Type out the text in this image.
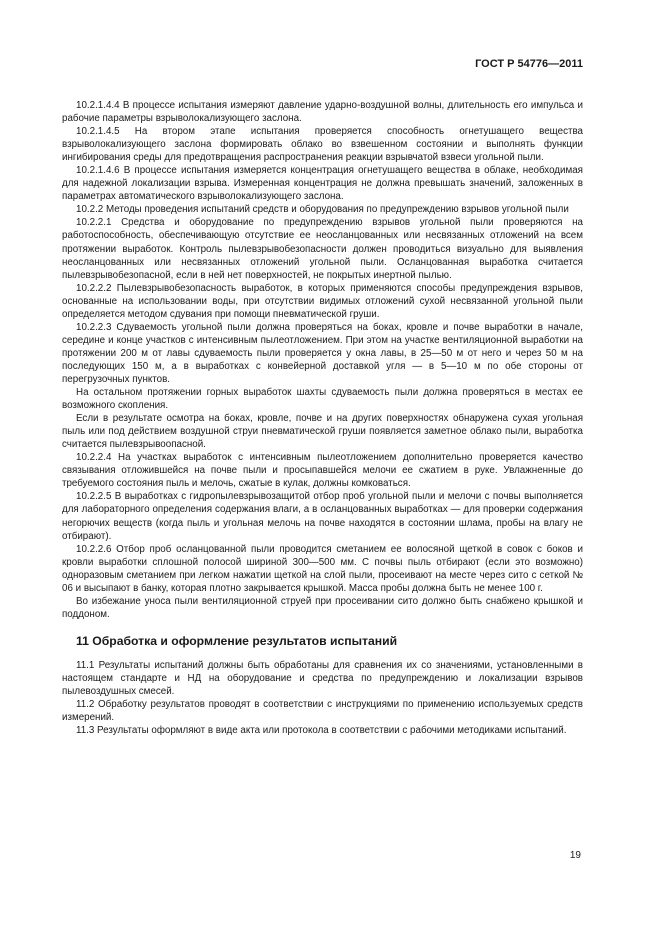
ГОСТ Р 54776—2011

10.2.1.4.4 В процессе испытания измеряют давление ударно-воздушной волны, длительность его импульса и рабочие параметры взрыволокализующего заслона.

10.2.1.4.5 На втором этапе испытания проверяется способность огнетушащего вещества взрыволокализующего заслона формировать облако во взвешенном состоянии и выполнять функции ингибирования среды для предотвращения распространения реакции взрывчатой взвеси угольной пыли.

10.2.1.4.6 В процессе испытания измеряется концентрация огнетушащего вещества в облаке, необходимая для надежной локализации взрыва. Измеренная концентрация не должна превышать значений, заложенных в параметрах автоматического взрыволокализующего заслона.

10.2.2 Методы проведения испытаний средств и оборудования по предупреждению взрывов угольной пыли

10.2.2.1 Средства и оборудование по предупреждению взрывов угольной пыли проверяются на работоспособность, обеспечивающую отсутствие ее неосланцованных или несвязанных отложений на всем протяжении выработок. Контроль пылевзрывобезопасности должен проводиться визуально для выявления неосланцованных или несвязанных отложений угольной пыли. Осланцованная выработка считается пылевзрывобезопасной, если в ней нет поверхностей, не покрытых инертной пылью.

10.2.2.2 Пылевзрывобезопасность выработок, в которых применяются способы предупреждения взрывов, основанные на использовании воды, при отсутствии видимых отложений сухой несвязанной угольной пыли определяется методом сдувания при помощи пневматической груши.

10.2.2.3 Сдуваемость угольной пыли должна проверяться на боках, кровле и почве выработки в начале, середине и конце участков с интенсивным пылеотложением. При этом на участке вентиляционной выработки на протяжении 200 м от лавы сдуваемость пыли проверяется у окна лавы, в 25—50 м от него и через 50 м на последующих 150 м, а в выработках с конвейерной доставкой угля — в 5—10 м по обе стороны от перегрузочных пунктов.

На остальном протяжении горных выработок шахты сдуваемость пыли должна проверяться в местах ее возможного скопления.

Если в результате осмотра на боках, кровле, почве и на других поверхностях обнаружена сухая угольная пыль или под действием воздушной струи пневматической груши появляется заметное облако пыли, выработка считается пылевзрывоопасной.

10.2.2.4 На участках выработок с интенсивным пылеотложением дополнительно проверяется качество связывания отложившейся на почве пыли и просыпавшейся мелочи ее сжатием в руке. Увлажненные до требуемого состояния пыль и мелочь, сжатые в кулак, должны комковаться.

10.2.2.5 В выработках с гидропылевзрывозащитой отбор проб угольной пыли и мелочи с почвы выполняется для лабораторного определения содержания влаги, а в осланцованных выработках — для проверки содержания негорючих веществ (когда пыль и угольная мелочь на почве находятся в состоянии шлама, пробы на влагу не отбирают).

10.2.2.6 Отбор проб осланцованной пыли проводится сметанием ее волосяной щеткой в совок с боков и кровли выработки сплошной полосой шириной 300—500 мм. С почвы пыль отбирают (если это возможно) одноразовым сметанием при легком нажатии щеткой на слой пыли, просеивают на месте через сито с сеткой № 06 и высыпают в банку, которая плотно закрывается крышкой. Масса пробы должна быть не менее 100 г.

Во избежание уноса пыли вентиляционной струей при просеивании сито должно быть снабжено крышкой и поддоном.

11 Обработка и оформление результатов испытаний

11.1 Результаты испытаний должны быть обработаны для сравнения их со значениями, установленными в настоящем стандарте и НД на оборудование и средства по предупреждению и локализации взрывов пылевоздушных смесей.

11.2 Обработку результатов проводят в соответствии с инструкциями по применению используемых средств измерений.

11.3 Результаты оформляют в виде акта или протокола в соответствии с рабочими методиками испытаний.

19
